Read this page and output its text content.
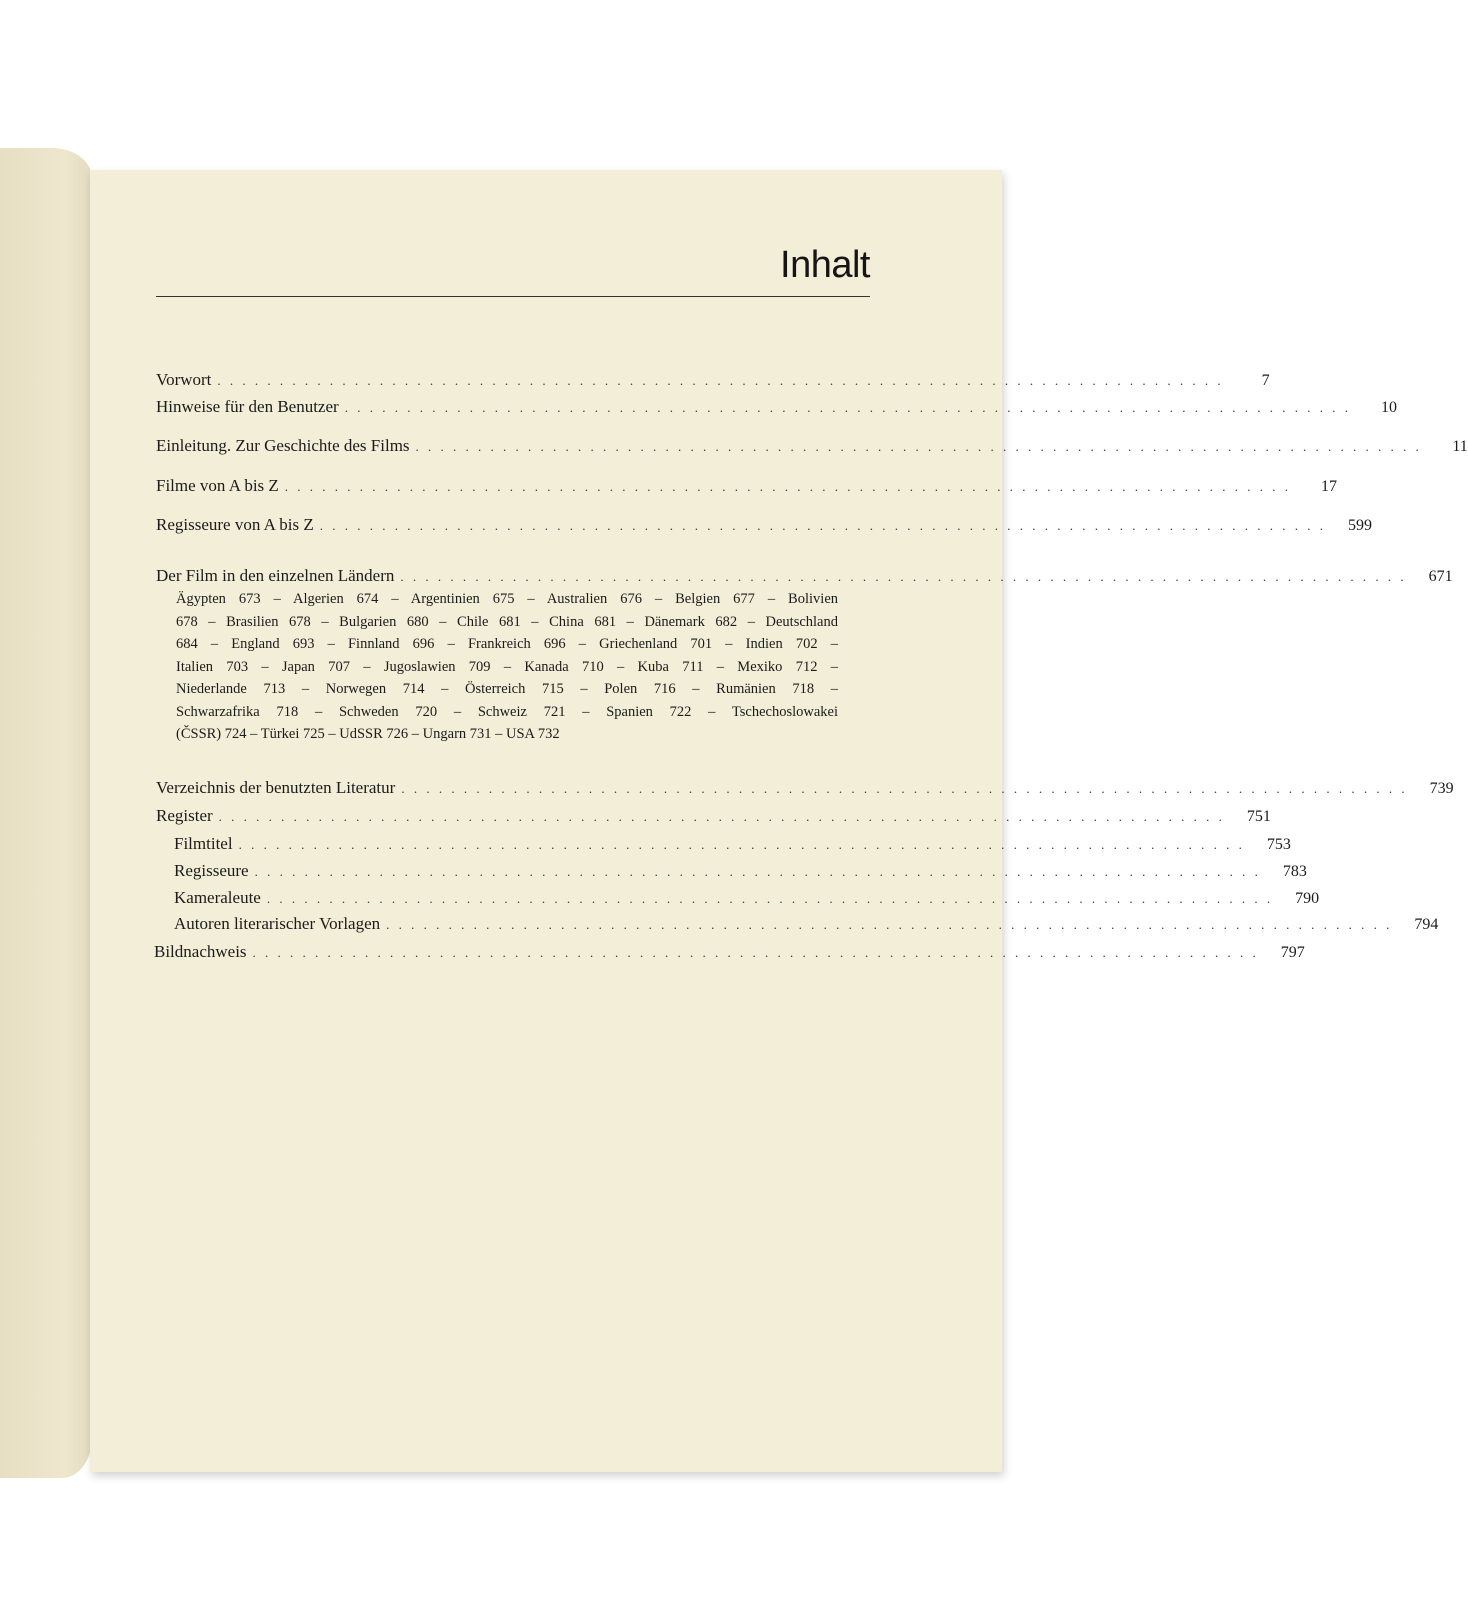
Inhalt
Vorwort . . . . . . . . . . . . . . . . . . . . . . . . . . . . . . . . . . . . . . . . . . . . . . . . . . . . . . . . . . . . . . . . . . . . . . . . . . . . . . . . .	7
Hinweise für den Benutzer . . . . . . . . . . . . . . . . . . . . . . . . . . . . . . . . . . . . . . . . . . . . . . . . . . . . . . . . . . . . . . . . . . . . . . . . . . . . . . . . .	10
Einleitung. Zur Geschichte des Films . . . . . . . . . . . . . . . . . . . . . . . . . . . . . . . . . . . . . . . . . . . . . . . . . . . . . . . . . . . . . . . . . . . . . . . . . . . . . . . . .	11
Filme von A bis Z . . . . . . . . . . . . . . . . . . . . . . . . . . . . . . . . . . . . . . . . . . . . . . . . . . . . . . . . . . . . . . . . . . . . . . . . . . . . . . . . .	17
Regisseure von A bis Z . . . . . . . . . . . . . . . . . . . . . . . . . . . . . . . . . . . . . . . . . . . . . . . . . . . . . . . . . . . . . . . . . . . . . . . . . . . . . . . . .	599
Der Film in den einzelnen Ländern . . . . . . . . . . . . . . . . . . . . . . . . . . . . . . . . . . . . . . . . . . . . . . . . . . . . . . . . . . . . . . . . . . . . . . . . . . . . . . . . .	671
Ägypten 673 – Algerien 674 – Argentinien 675 – Australien 676 – Belgien 677 – Bolivien
678 – Brasilien 678 – Bulgarien 680 – Chile 681 – China 681 – Dänemark 682 – Deutschland
684 – England 693 – Finnland 696 – Frankreich 696 – Griechenland 701 – Indien 702 –
Italien 703 – Japan 707 – Jugoslawien 709 – Kanada 710 – Kuba 711 – Mexiko 712 –
Niederlande 713 – Norwegen 714 – Österreich 715 – Polen 716 – Rumänien 718 –
Schwarzafrika 718 – Schweden 720 – Schweiz 721 – Spanien 722 – Tschechoslowakei
(ČSSR) 724 – Türkei 725 – UdSSR 726 – Ungarn 731 – USA 732
Verzeichnis der benutzten Literatur . . . . . . . . . . . . . . . . . . . . . . . . . . . . . . . . . . . . . . . . . . . . . . . . . . . . . . . . . . . . . . . . . . . . . . . . . . . . . . . . .	739
Register . . . . . . . . . . . . . . . . . . . . . . . . . . . . . . . . . . . . . . . . . . . . . . . . . . . . . . . . . . . . . . . . . . . . . . . . . . . . . . . . .	751
Filmtitel . . . . . . . . . . . . . . . . . . . . . . . . . . . . . . . . . . . . . . . . . . . . . . . . . . . . . . . . . . . . . . . . . . . . . . . . . . . . . . . . .	753
Regisseure . . . . . . . . . . . . . . . . . . . . . . . . . . . . . . . . . . . . . . . . . . . . . . . . . . . . . . . . . . . . . . . . . . . . . . . . . . . . . . . . .	783
Kameraleute . . . . . . . . . . . . . . . . . . . . . . . . . . . . . . . . . . . . . . . . . . . . . . . . . . . . . . . . . . . . . . . . . . . . . . . . . . . . . . . . .	790
Autoren literarischer Vorlagen . . . . . . . . . . . . . . . . . . . . . . . . . . . . . . . . . . . . . . . . . . . . . . . . . . . . . . . . . . . . . . . . . . . . . . . . . . . . . . . . .	794
Bildnachweis . . . . . . . . . . . . . . . . . . . . . . . . . . . . . . . . . . . . . . . . . . . . . . . . . . . . . . . . . . . . . . . . . . . . . . . . . . . . . . . . .	797
